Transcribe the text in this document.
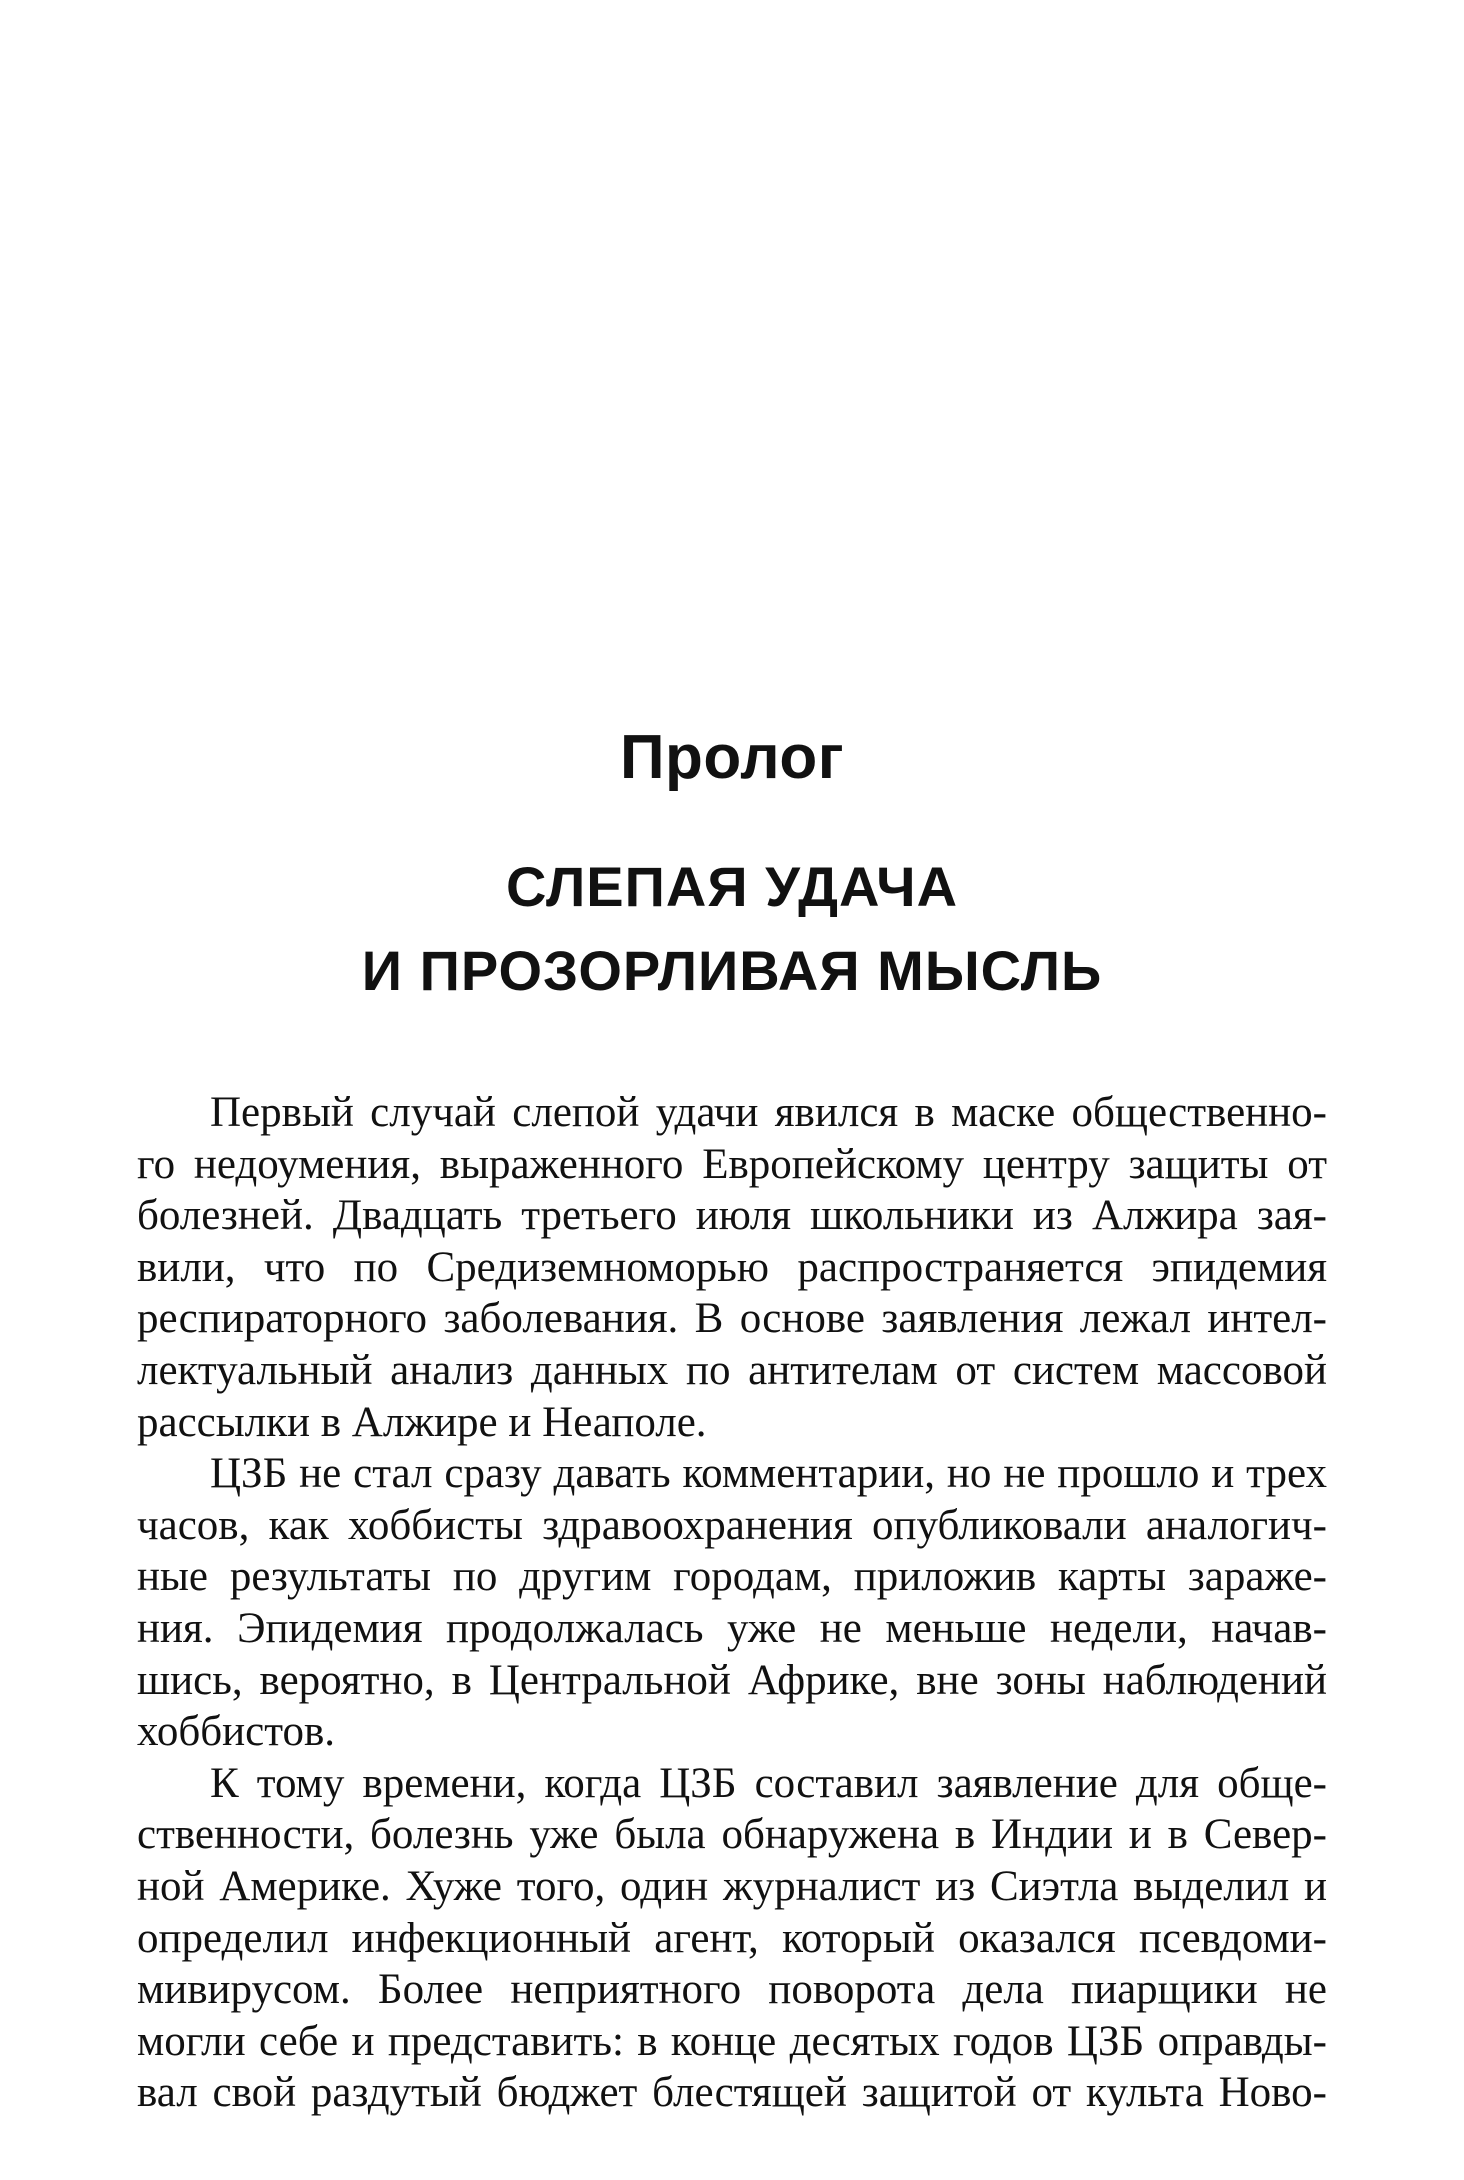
Пролог
СЛЕПАЯ УДАЧА
И ПРОЗОРЛИВАЯ МЫСЛЬ
Первый случай слепой удачи явился в маске общественно-
го недоумения, выраженного Европейскому центру защиты от
болезней. Двадцать третьего июля школьники из Алжира зая-
вили, что по Средиземноморью распространяется эпидемия
респираторного заболевания. В основе заявления лежал интел-
лектуальный анализ данных по антителам от систем массовой
рассылки в Алжире и Неаполе.
ЦЗБ не стал сразу давать комментарии, но не прошло и трех
часов, как хоббисты здравоохранения опубликовали аналогич-
ные результаты по другим городам, приложив карты зараже-
ния. Эпидемия продолжалась уже не меньше недели, начав-
шись, вероятно, в Центральной Африке, вне зоны наблюдений
хоббистов.
К тому времени, когда ЦЗБ составил заявление для обще-
ственности, болезнь уже была обнаружена в Индии и в Север-
ной Америке. Хуже того, один журналист из Сиэтла выделил и
определил инфекционный агент, который оказался псевдоми-
мивирусом. Более неприятного поворота дела пиарщики не
могли себе и представить: в конце десятых годов ЦЗБ оправды-
вал свой раздутый бюджет блестящей защитой от культа Ново-
